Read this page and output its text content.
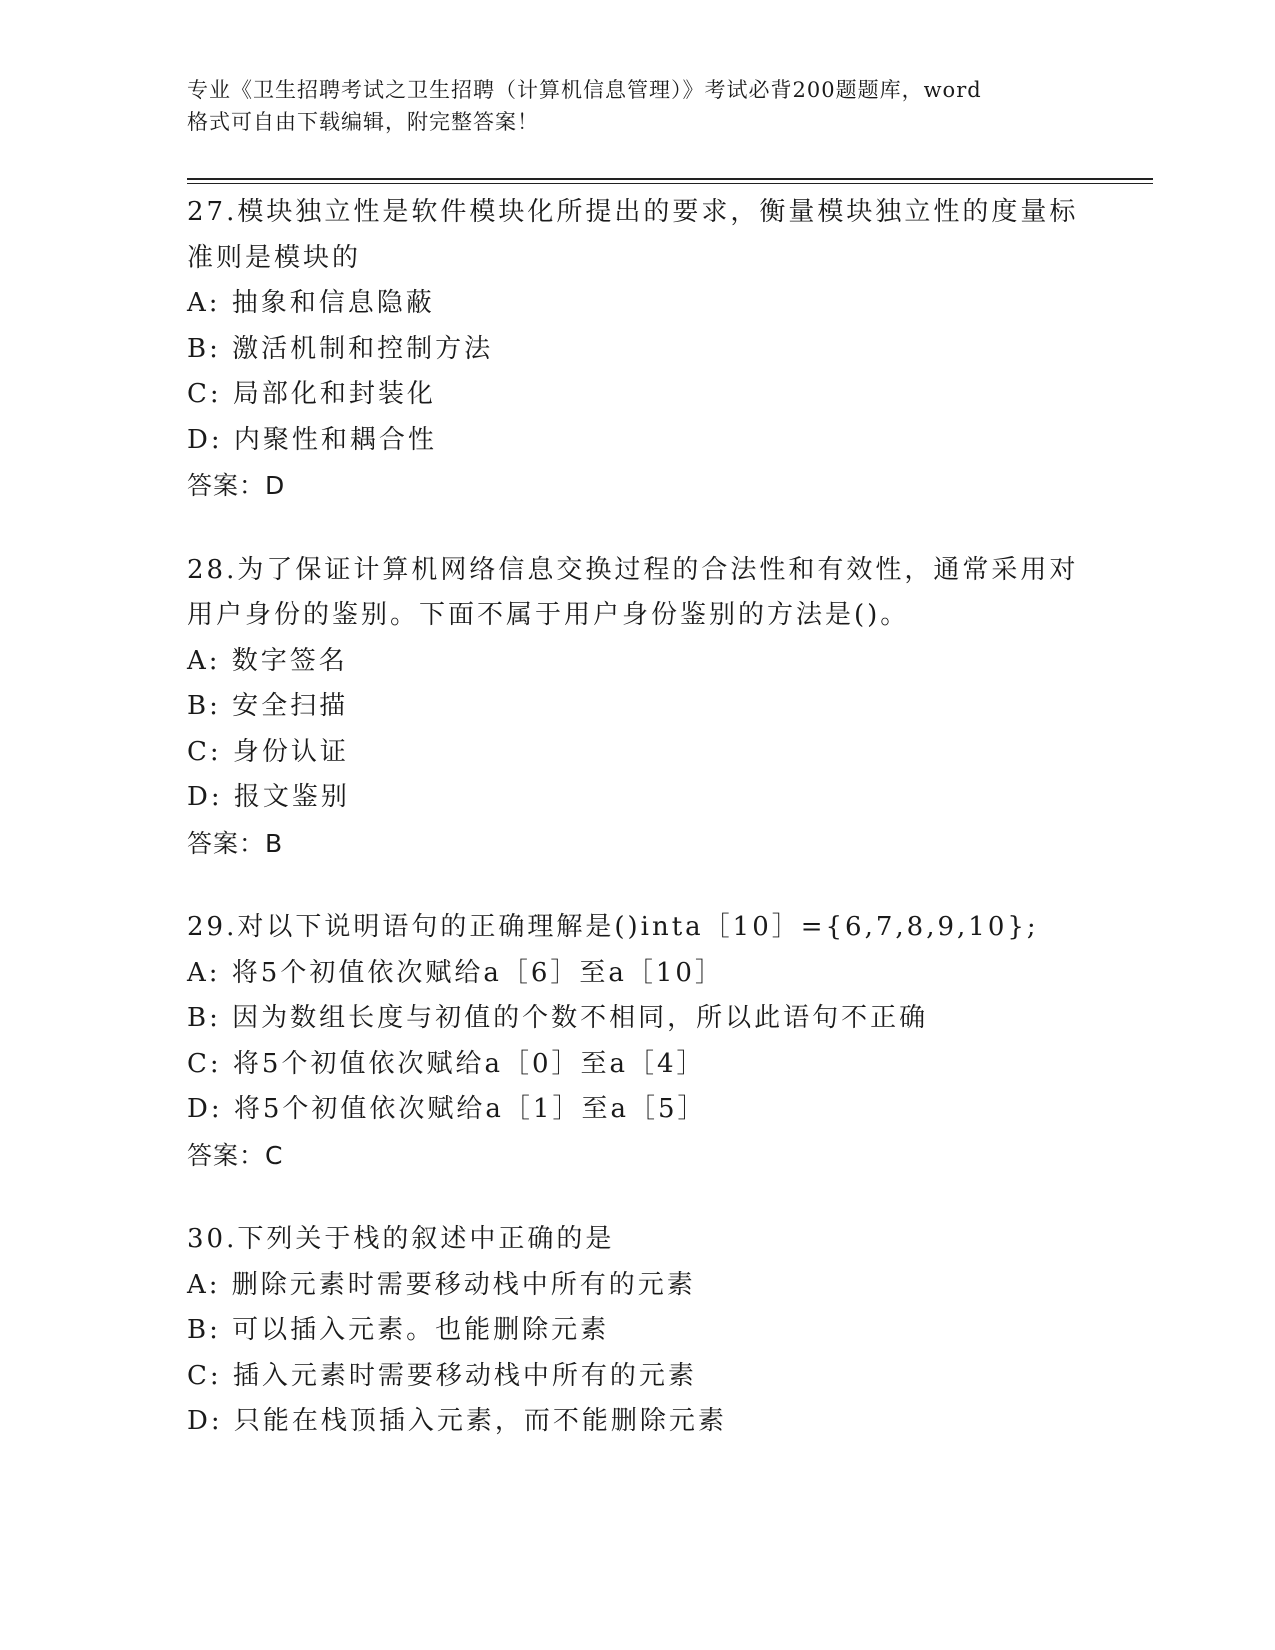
专业《卫生招聘考试之卫生招聘（计算机信息管理）》考试必背200题题库，word
格式可自由下载编辑，附完整答案！
27.模块独立性是软件模块化所提出的要求，衡量模块独立性的度量标准则是模块的
A: 抽象和信息隐蔽
B: 激活机制和控制方法
C: 局部化和封装化
D: 内聚性和耦合性
答案：D
28.为了保证计算机网络信息交换过程的合法性和有效性，通常采用对用户身份的鉴别。下面不属于用户身份鉴别的方法是()。
A: 数字签名
B: 安全扫描
C: 身份认证
D: 报文鉴别
答案：B
29.对以下说明语句的正确理解是()inta［10］={6,7,8,9,10};
A: 将5个初值依次赋给a［6］至a［10］
B: 因为数组长度与初值的个数不相同，所以此语句不正确
C: 将5个初值依次赋给a［0］至a［4］
D: 将5个初值依次赋给a［1］至a［5］
答案：C
30.下列关于栈的叙述中正确的是
A: 删除元素时需要移动栈中所有的元素
B: 可以插入元素。也能删除元素
C: 插入元素时需要移动栈中所有的元素
D: 只能在栈顶插入元素，而不能删除元素
